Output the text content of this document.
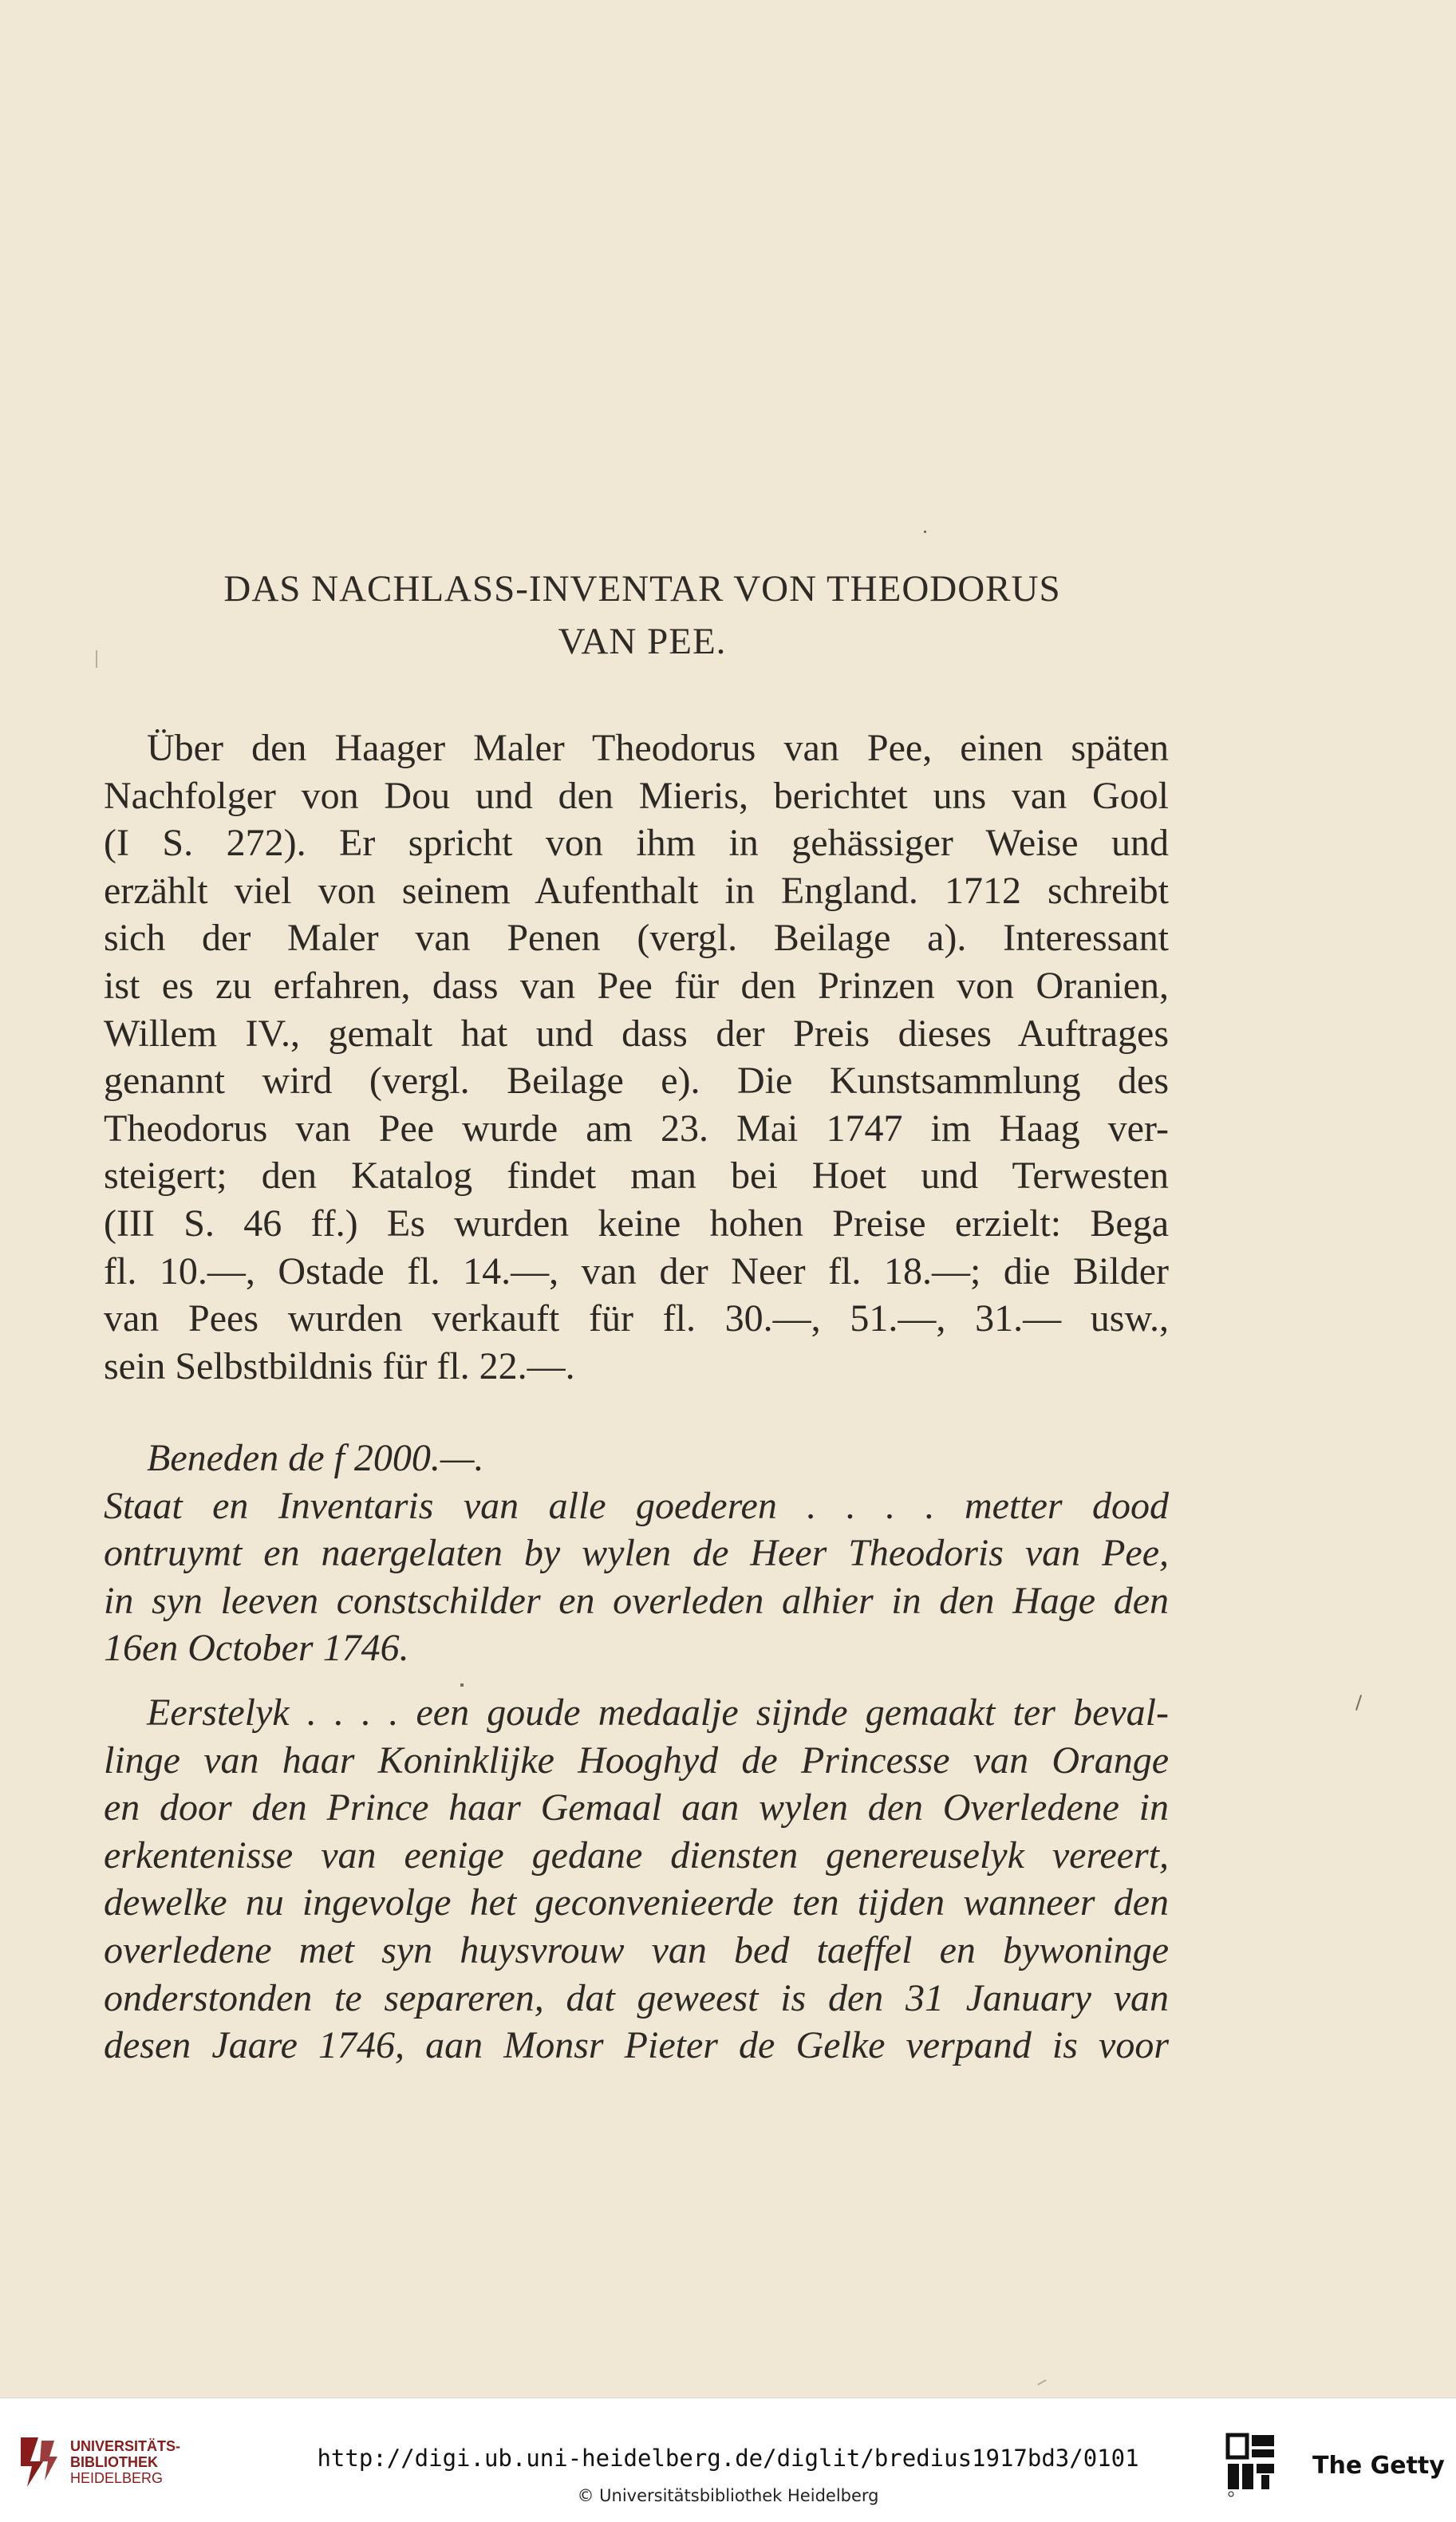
DAS NACHLASS-INVENTAR VON THEODORUS
VAN PEE.
Über den Haager Maler Theodorus van Pee, einen späten
Nachfolger von Dou und den Mieris, berichtet uns van Gool
(I S. 272). Er spricht von ihm in gehässiger Weise und
erzählt viel von seinem Aufenthalt in England. 1712 schreibt
sich der Maler van Penen (vergl. Beilage a). Interessant
ist es zu erfahren, dass van Pee für den Prinzen von Oranien,
Willem IV., gemalt hat und dass der Preis dieses Auftrages
genannt wird (vergl. Beilage e). Die Kunstsammlung des
Theodorus van Pee wurde am 23. Mai 1747 im Haag ver-
steigert; den Katalog findet man bei Hoet und Terwesten
(III S. 46 ff.) Es wurden keine hohen Preise erzielt: Bega
fl. 10.—, Ostade fl. 14.—, van der Neer fl. 18.—; die Bilder
van Pees wurden verkauft für fl. 30.—, 51.—, 31.— usw.,
sein Selbstbildnis für fl. 22.—.
Beneden de f 2000.—.
Staat en Inventaris van alle goederen . . . . metter dood
ontruymt en naergelaten by wylen de Heer Theodoris van Pee,
in syn leeven constschilder en overleden alhier in den Hage den
16en October 1746.
Eerstelyk . . . . een goude medaalje sijnde gemaakt ter beval-
linge van haar Koninklijke Hooghyd de Princesse van Orange
en door den Prince haar Gemaal aan wylen den Overledene in
erkentenisse van eenige gedane diensten genereuselyk vereert,
dewelke nu ingevolge het geconvenieerde ten tijden wanneer den
overledene met syn huysvrouw van bed taeffel en bywoninge
onderstonden te separeren, dat geweest is den 31 January van
desen Jaare 1746, aan Monsr Pieter de Gelke verpand is voor
UNIVERSITÄTS-
BIBLIOTHEK
HEIDELBERG
http://digi.ub.uni-heidelberg.de/diglit/bredius1917bd3/0101
© Universitätsbibliothek Heidelberg
The Getty
